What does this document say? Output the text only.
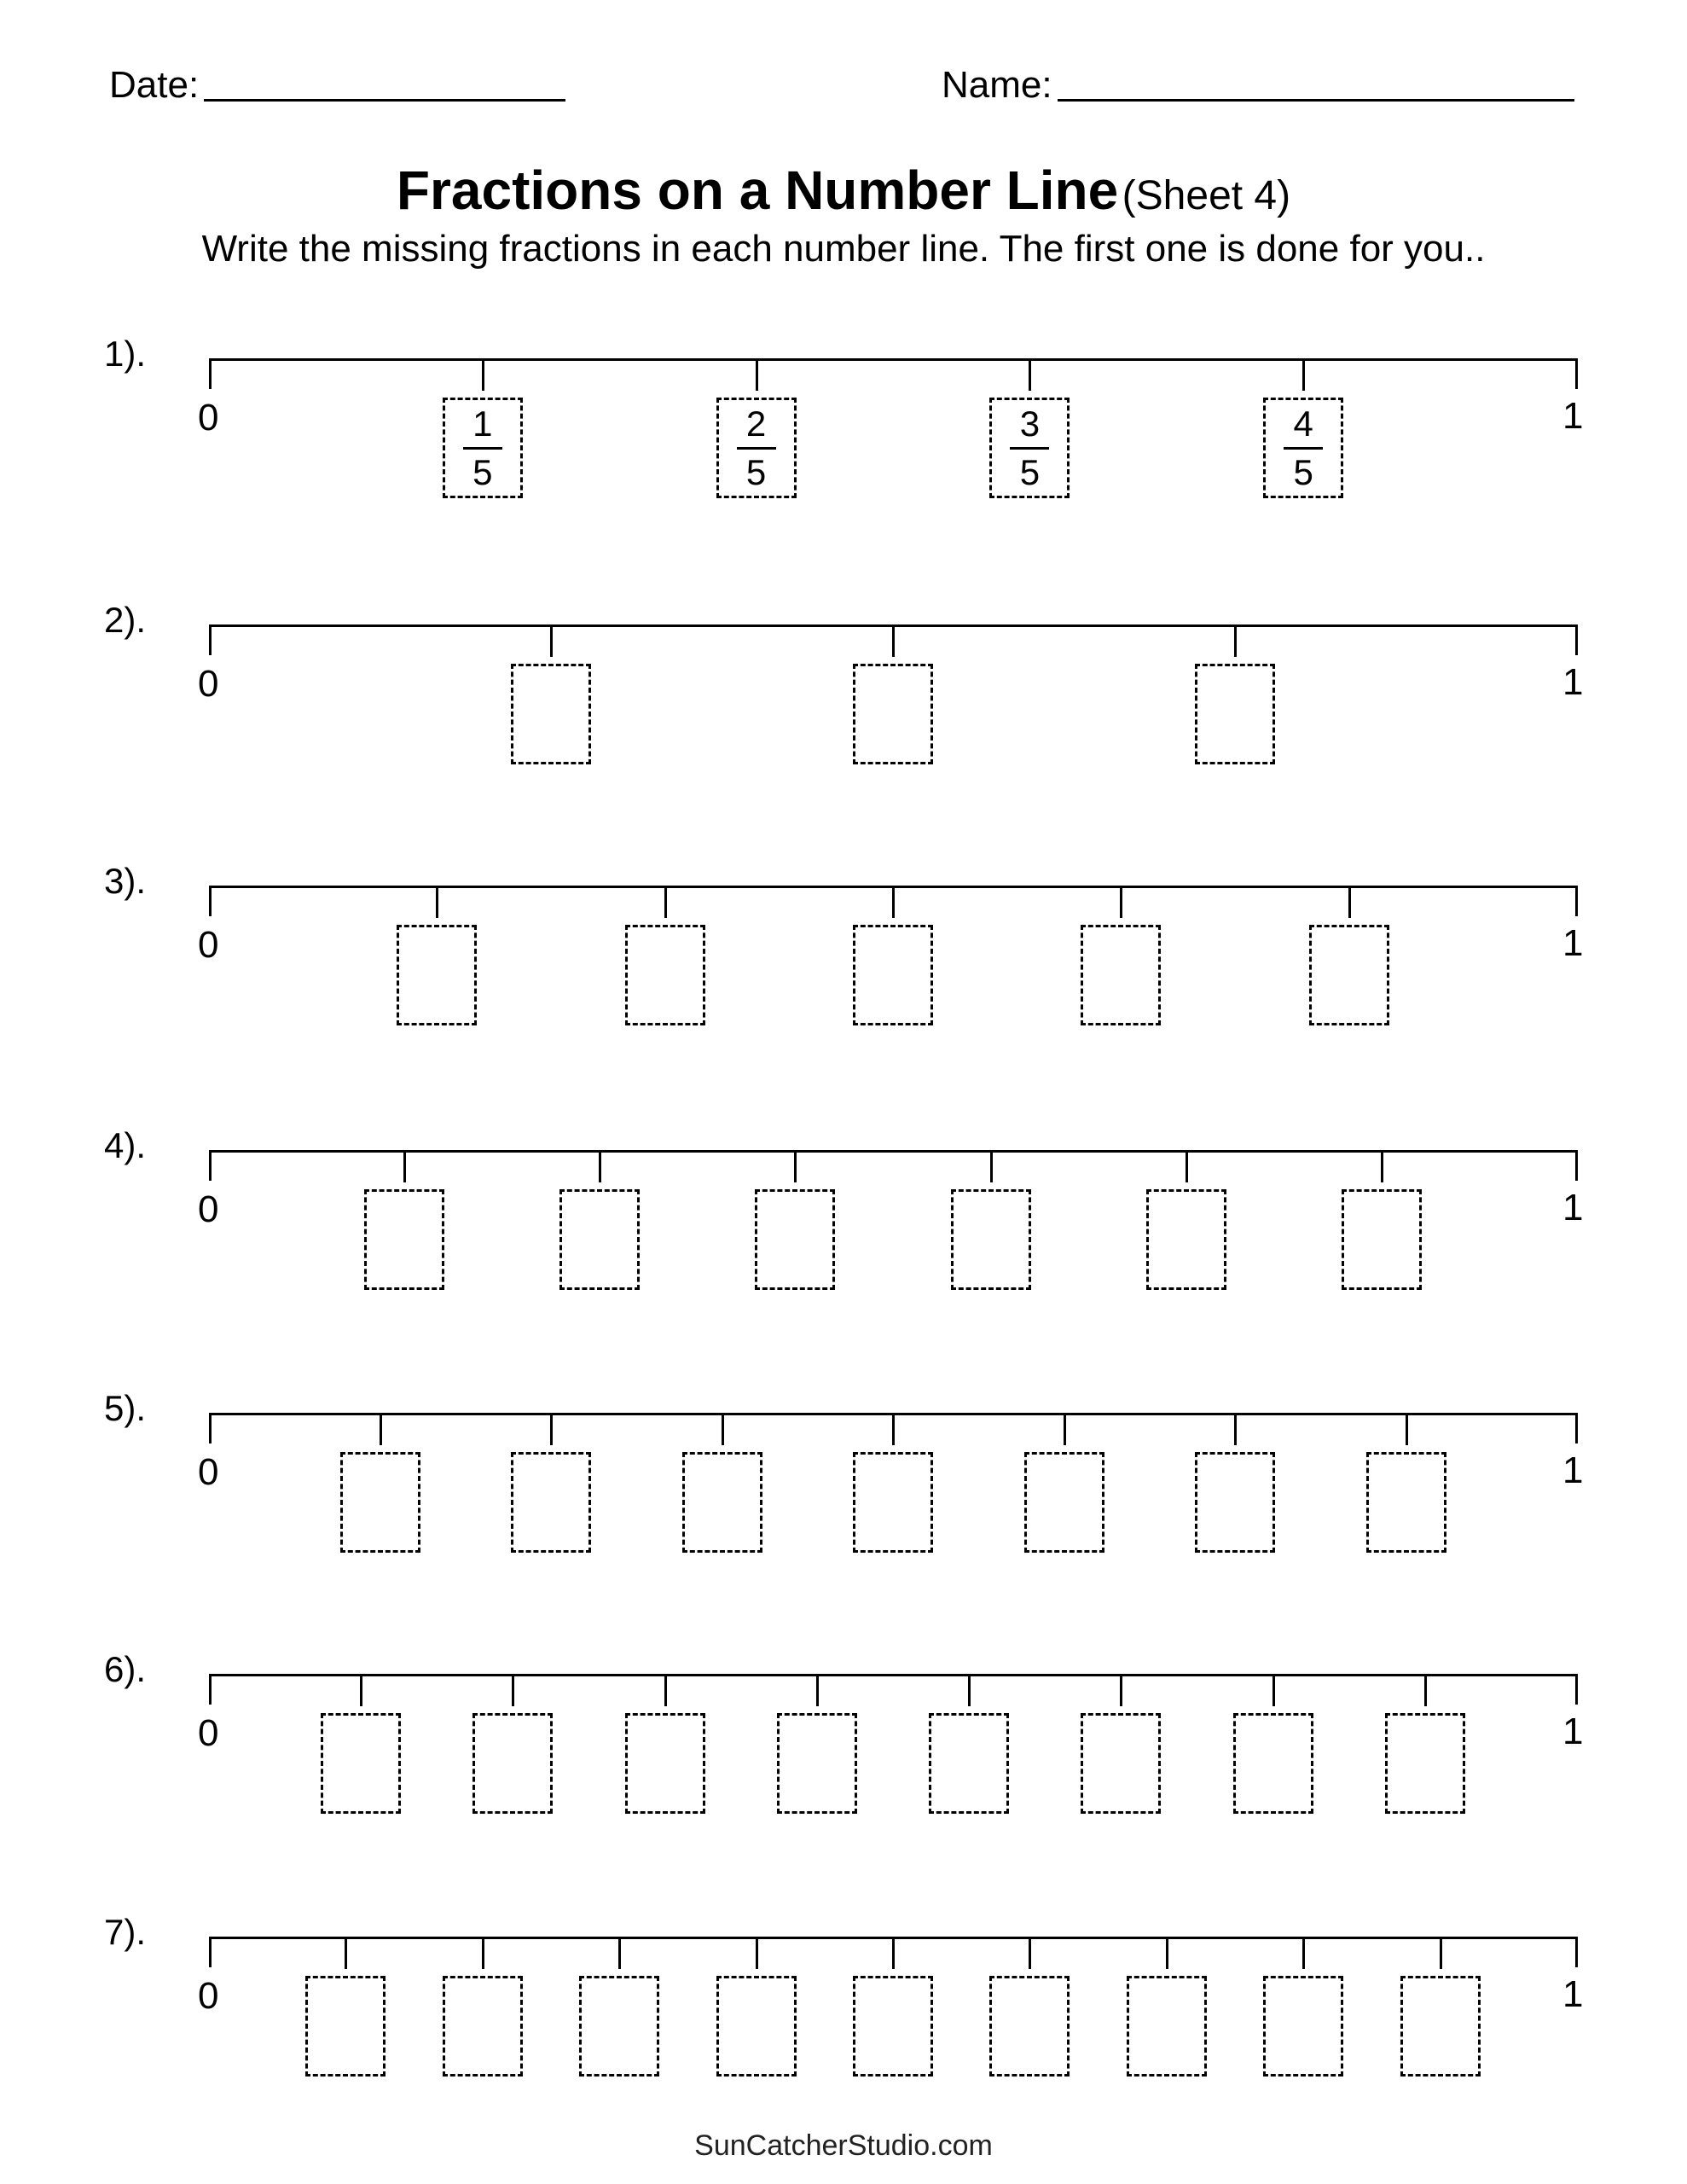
Date:	Name:
Fractions on a Number Line (Sheet 4)
Write the missing fractions in each number line. The first one is done for you..
1).
0	1
1
5
2
5
3
5
4
5
2).
0	1
3).
0	1
4).
0	1
5).
0	1
6).
0	1
7).
0	1
SunCatcherStudio.com
